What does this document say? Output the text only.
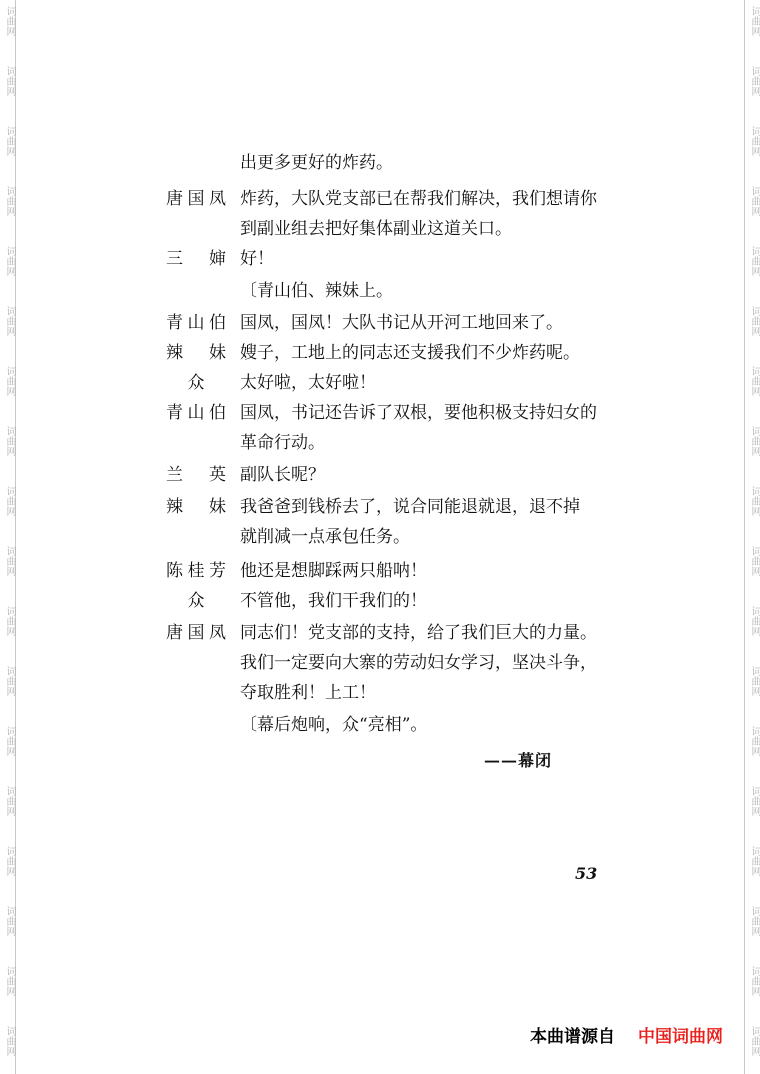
词曲网
词曲网
词曲网
词曲网
词曲网
词曲网
词曲网
词曲网
词曲网
词曲网
词曲网
词曲网
词曲网
词曲网
词曲网
词曲网
词曲网
词曲网
词曲网
词曲网
词曲网
词曲网
词曲网
词曲网
词曲网
词曲网
词曲网
词曲网
词曲网
词曲网
词曲网
词曲网
词曲网
词曲网
词曲网
词曲网
出更多更好的炸药。
唐国凤 炸药，大队党支部已在帮我们解决，我们想请你
到副业组去把好集体副业这道关口。
三　婶 好！
〔青山伯、辣妹上。
青山伯 国凤，国凤！大队书记从开河工地回来了。
辣　妹 嫂子，工地上的同志还支援我们不少炸药呢。
众	太好啦，太好啦！
青山伯 国凤，书记还告诉了双根，要他积极支持妇女的
革命行动。
兰　英 副队长呢？
辣　妹 我爸爸到钱桥去了，说合同能退就退，退不掉
就削减一点承包任务。
陈桂芳 他还是想脚踩两只船呐！
众	不管他，我们干我们的！
唐国凤 同志们！党支部的支持，给了我们巨大的力量。
我们一定要向大寨的劳动妇女学习，坚决斗争，
夺取胜利！上工！
〔幕后炮响，众“亮相”。
——幕闭
53
本曲谱源自 中国词曲网
